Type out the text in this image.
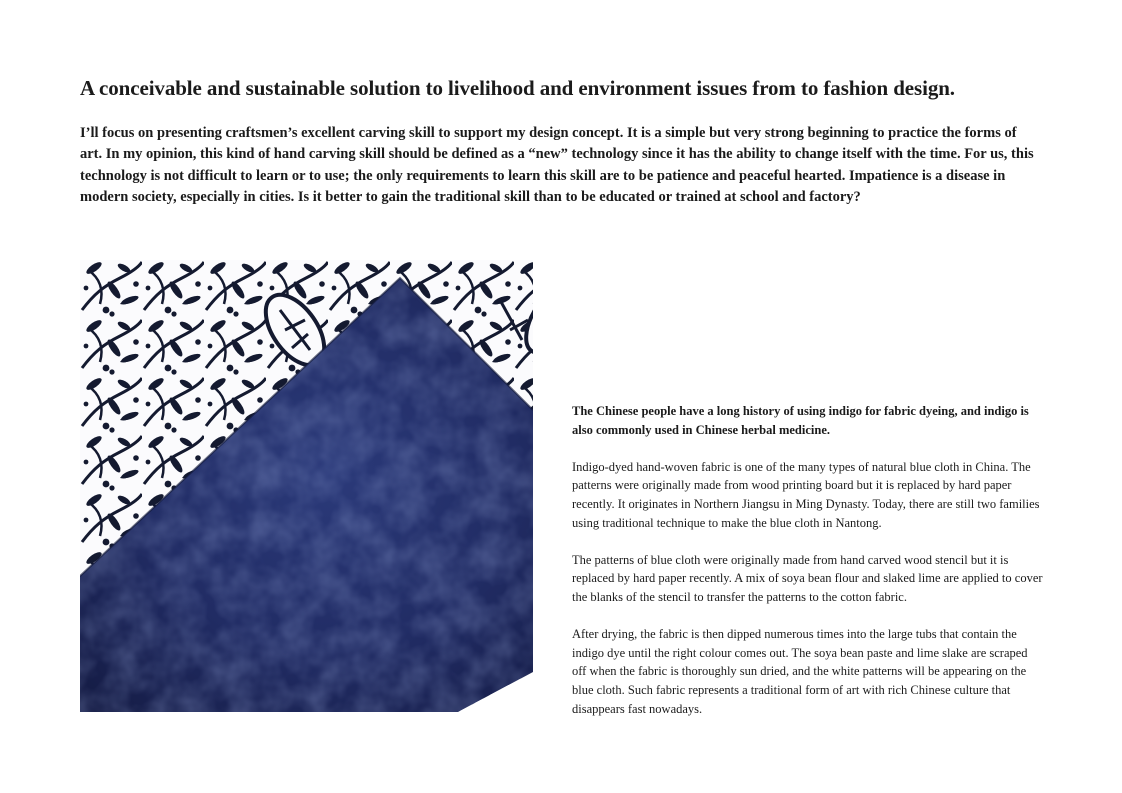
A conceivable and sustainable solution to livelihood and environment issues from to fashion design.

I’ll focus on presenting craftsmen’s excellent carving skill to support my design concept. It is a simple but very strong beginning to practice the forms of art. In my opinion, this kind of hand carving skill should be defined as a “new” technology since it has the ability to change itself with the time. For us, this technology is not difficult to learn or to use; the only requirements to learn this skill are to be patience and peaceful hearted. Impatience is a disease in modern society, especially in cities. Is it better to gain the traditional skill than to be educated or trained at school and factory?

The Chinese people have a long history of using indigo for fabric dyeing, and indigo is also commonly used in Chinese herbal medicine.

Indigo-dyed hand-woven fabric is one of the many types of natural blue cloth in China. The patterns were originally made from wood printing board but it is replaced by hard paper recently. It originates in Northern Jiangsu in Ming Dynasty. Today, there are still two families using traditional technique to make the blue cloth in Nantong.

The patterns of blue cloth were originally made from hand carved wood stencil but it is replaced by hard paper recently. A mix of soya bean flour and slaked lime are applied to cover the blanks of the stencil to transfer the patterns to the cotton fabric.

After drying, the fabric is then dipped numerous times into the large tubs that contain the indigo dye until the right colour comes out. The soya bean paste and lime slake are scraped off when the fabric is thoroughly sun dried, and the white patterns will be appearing on the blue cloth. Such fabric represents a traditional form of art with rich Chinese culture that disappears fast nowadays.
